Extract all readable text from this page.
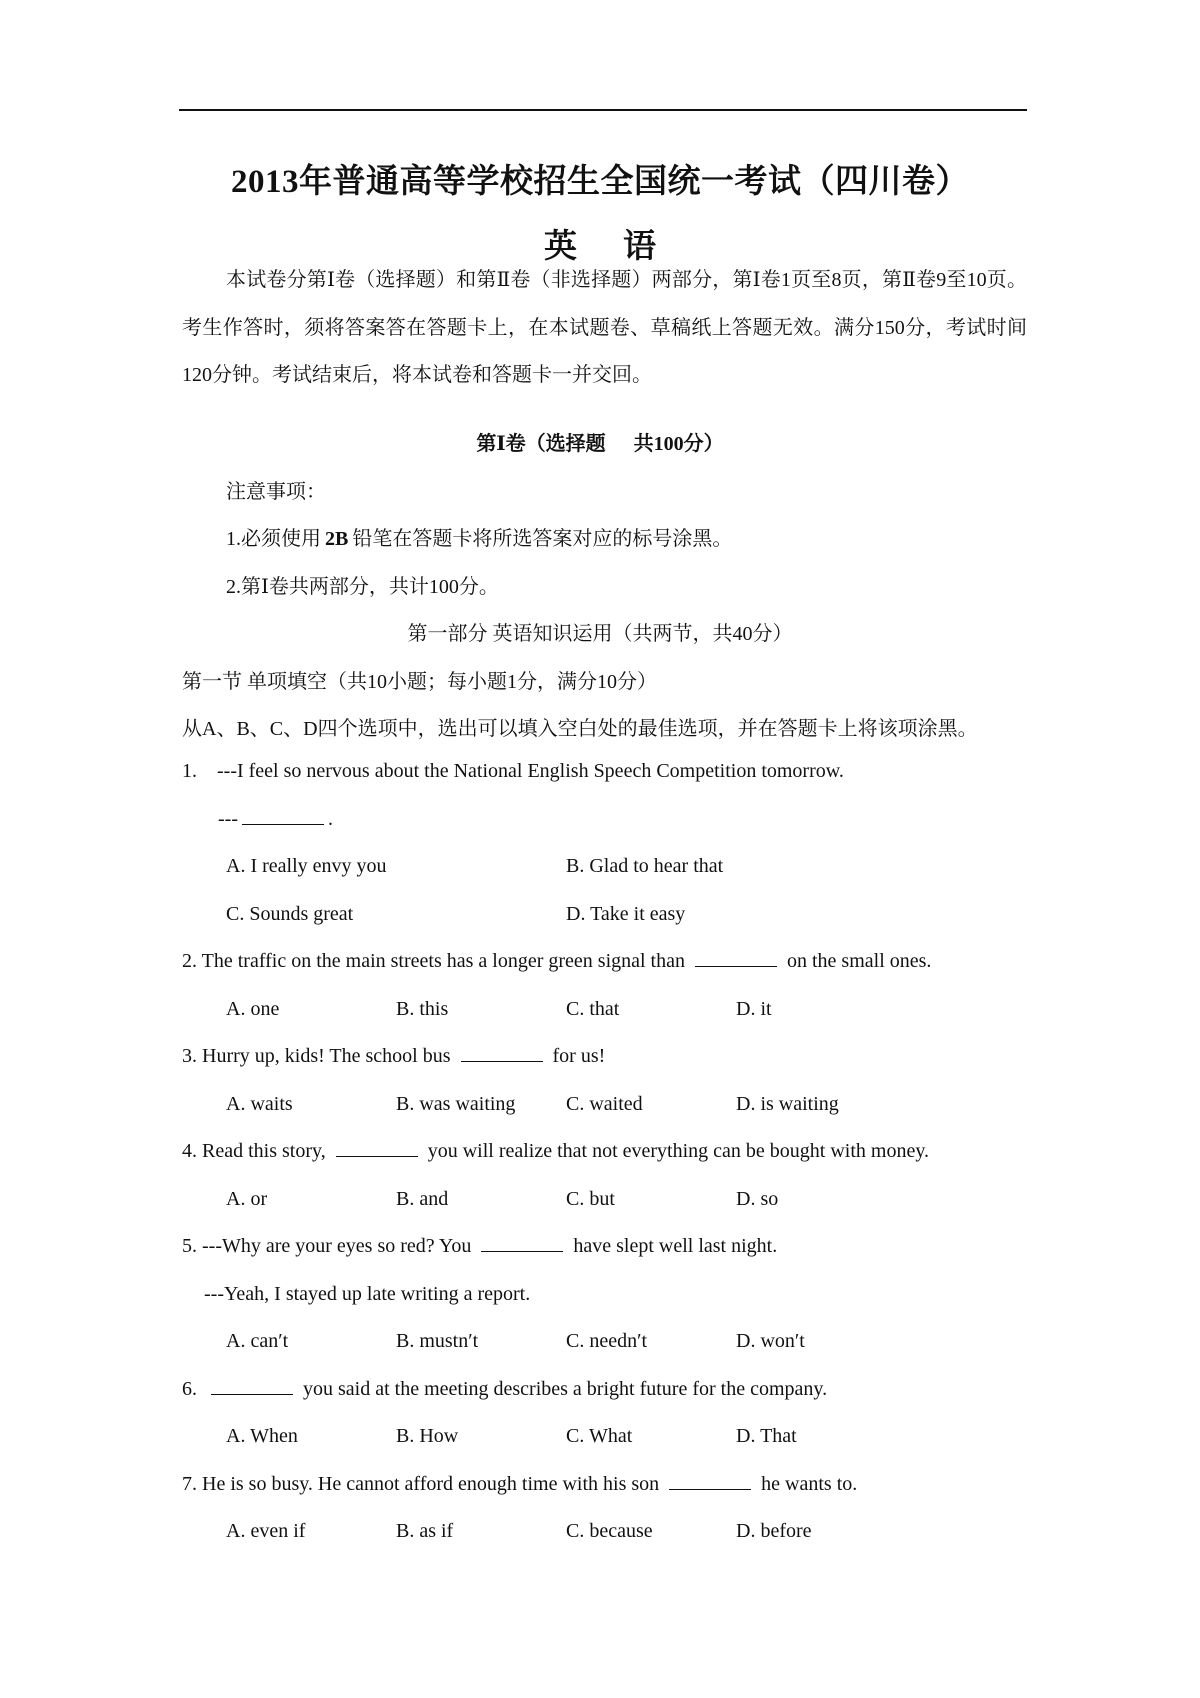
2013年普通高等学校招生全国统一考试（四川卷）
英语

本试卷分第Ⅰ卷（选择题）和第Ⅱ卷（非选择题）两部分，第Ⅰ卷1页至8页，第Ⅱ卷9至10页。考生作答时，须将答案答在答题卡上，在本试题卷、草稿纸上答题无效。满分150分，考试时间120分钟。考试结束后，将本试卷和答题卡一并交回。

第Ⅰ卷（选择题 共100分）
注意事项：
1.必须使用 2B 铅笔在答题卡将所选答案对应的标号涂黑。
2.第Ⅰ卷共两部分，共计100分。
第一部分 英语知识运用（共两节，共40分）
第一节 单项填空（共10小题；每小题1分，满分10分）
从A、B、C、D四个选项中，选出可以填入空白处的最佳选项，并在答题卡上将该项涂黑。
1.    ---I feel so nervous about the National English Speech Competition tomorrow.
---	.
A. I really envy you	B. Glad to hear that
C. Sounds great	D. Take it easy
2. The traffic on the main streets has a longer green signal than	on the small ones.
A. one	B. this	C. that	D. it
3. Hurry up, kids! The school bus	for us!
A. waits	B. was waiting	C. waited	D. is waiting
4. Read this story,	you will realize that not everything can be bought with money.
A. or	B. and	C. but	D. so
5. ---Why are your eyes so red? You	have slept well last night.
---Yeah, I stayed up late writing a report.
A. can′t	B. mustn′t	C. needn′t	D. won′t
6.	you said at the meeting describes a bright future for the company.
A. When	B. How	C. What	D. That
7. He is so busy. He cannot afford enough time with his son	he wants to.
A. even if	B. as if	C. because	D. before
